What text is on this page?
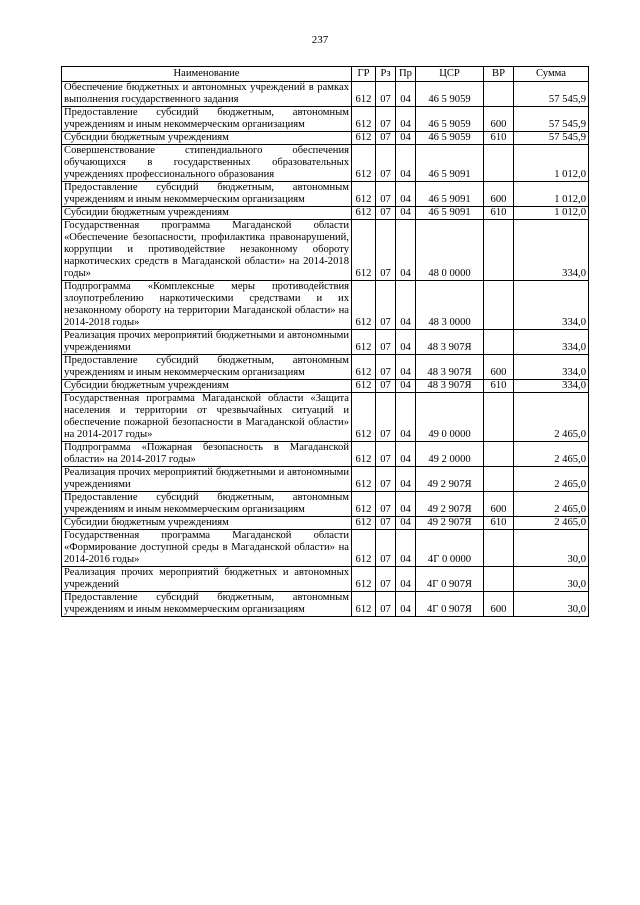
237
Наименование	ГР	Рз	Пр	ЦСР	ВР	Сумма
Обеспечение бюджетных и автономных учреждений в рамках выполнения государственного задания	612	07	04	46 5 9059		57 545,9
Предоставление субсидий бюджетным, автономным учреждениям и иным некоммерческим организациям	612	07	04	46 5 9059	600	57 545,9
Субсидии бюджетным учреждениям	612	07	04	46 5 9059	610	57 545,9
Совершенствование стипендиального обеспечения обучающихся в государственных образовательных учреждениях профессионального образования	612	07	04	46 5 9091		1 012,0
Предоставление субсидий бюджетным, автономным учреждениям и иным некоммерческим организациям	612	07	04	46 5 9091	600	1 012,0
Субсидии бюджетным учреждениям	612	07	04	46 5 9091	610	1 012,0
Государственная программа Магаданской области «Обеспечение безопасности, профилактика правонарушений, коррупции и противодействие незаконному обороту наркотических средств в Магаданской области» на 2014-2018 годы»	612	07	04	48 0 0000		334,0
Подпрограмма «Комплексные меры противодействия злоупотреблению наркотическими средствами и их незаконному обороту на территории Магаданской области» на 2014-2018 годы»	612	07	04	48 3 0000		334,0
Реализация прочих мероприятий бюджетными и автономными учреждениями	612	07	04	48 3 907Я		334,0
Предоставление субсидий бюджетным, автономным учреждениям и иным некоммерческим организациям	612	07	04	48 3 907Я	600	334,0
Субсидии бюджетным учреждениям	612	07	04	48 3 907Я	610	334,0
Государственная программа Магаданской области «Защита населения и территории от чрезвычайных ситуаций и обеспечение пожарной безопасности в Магаданской области» на 2014-2017 годы»	612	07	04	49 0 0000		2 465,0
Подпрограмма «Пожарная безопасность в Магаданской области» на 2014-2017 годы»	612	07	04	49 2 0000		2 465,0
Реализация прочих мероприятий бюджетными и автономными учреждениями	612	07	04	49 2 907Я		2 465,0
Предоставление субсидий бюджетным, автономным учреждениям и иным некоммерческим организациям	612	07	04	49 2 907Я	600	2 465,0
Субсидии бюджетным учреждениям	612	07	04	49 2 907Я	610	2 465,0
Государственная программа Магаданской области «Формирование доступной среды в Магаданской области» на 2014-2016 годы»	612	07	04	4Г 0 0000		30,0
Реализация прочих мероприятий бюджетных и автономных учреждений	612	07	04	4Г 0 907Я		30,0
Предоставление субсидий бюджетным, автономным учреждениям и иным некоммерческим организациям	612	07	04	4Г 0 907Я	600	30,0
